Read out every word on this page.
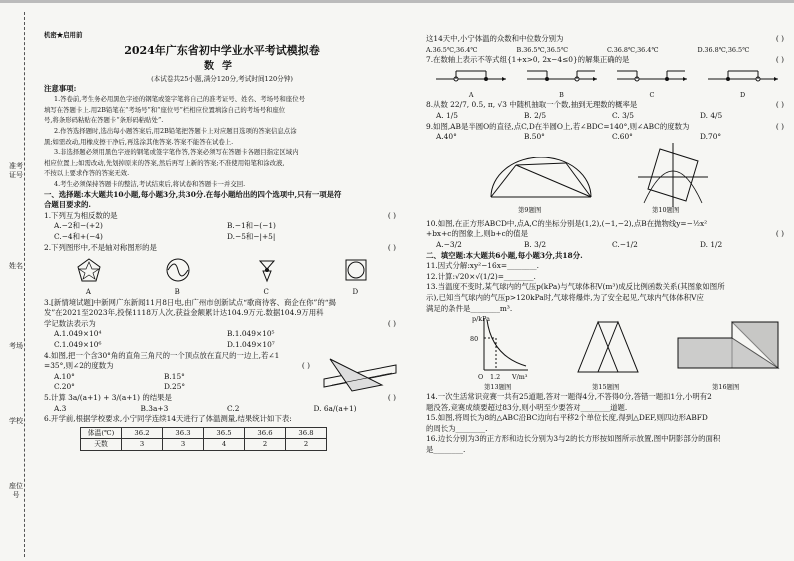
准考证号
姓名
考场
学校
座位号
机密★启用前
2024年广东省初中学业水平考试模拟卷
数学
(本试卷共25小题,满分120分,考试时间120分钟)
注意事项:
1.答卷前,考生务必用黑色字迹的钢笔或签字笔将自己的准考证号、姓名、考场号和座位号
填写在答题卡上.用2B铅笔在“考场号”和“座位号”栏相应位置填涂自己的考场号和座位
号,将条形码粘贴在答题卡“条形码粘贴处”.
2.作答选择题时,选出每小题答案后,用2B铅笔把答题卡上对应题目选项的答案信息点涂
黑;如需改动,用橡皮擦干净后,再选涂其他答案.答案不能答在试卷上.
3.非选择题必须用黑色字迹的钢笔或签字笔作答,答案必须写在答题卡各题目指定区域内
相应位置上;如需改动,先划掉原来的答案,然后再写上新的答案;不准使用铅笔和涂改液,
不按以上要求作答的答案无效.
4.考生必须保持答题卡的整洁,考试结束后,将试卷和答题卡一并交回.
一、选择题:本大题共10小题,每小题3分,共30分.在每小题给出的四个选项中,只有一项是符
合题目要求的.
1.下列互为相反数的是	( )
A.−2和−(+2)	B.−1和−(−1)
C.−4和+(−4)	D.−5和−|+5|
2.下列图形中,不是轴对称图形的是	( )
A	B	C	D
3.[新情境试题]中新网广东新闻11月8日电,由广州市创新试点“歌商待客、商企在你”的“揭
发”在2021至2023年,投保1118万人次,获益金额累计达104.9万元.数据104.9万用科
学记数法表示为	( )
A.1.049×10⁴	B.1.049×10⁵
C.1.049×10⁶	D.1.049×10⁷
4.如图,把一个含30°角的直角三角尺的一个顶点放在直尺的一边上,若∠1
=35°,则∠2的度数为	( )
A.10°	B.15°
C.20°	D.25°
5.计算 3a/(a+1) + 3/(a+1) 的结果是	( )
A.3	B.3a+3	C.2	D. 6a/(a+1)
6.开学前,根据学校要求,小宁同学连续14天进行了体温测量,结果统计如下表:
体温(℃)	36.2	36.3	36.5	36.6	36.8
天数	3	3	4	2	2
这14天中,小宁体温的众数和中位数分别为	( )
A.36.5℃,36.4℃	B.36.5℃,36.5℃	C.36.8℃,36.4℃	D.36.8℃,36.5℃
7.在数轴上表示不等式组{1+x>0, 2x−4≤0}的解集正确的是	( )
A	B	C	D
8.从数 22/7, 0.5, π, √3 中随机抽取一个数,抽到无理数的概率是	( )
A. 1/5	B. 2/5	C. 3/5	D. 4/5
9.如图,AB是半圆O的直径,点C,D在半圆O上,若∠BDC=140°,则∠ABC的度数为	( )
A.40°	B.50°	C.60°	D.70°
第9题图	第10题图
10.如图,在正方形ABCD中,点A,C的坐标分别是(1,2),(−1,−2),点B在抛物线y=−½x²
+bx+c的图象上,则b+c的值是	( )
A.−3/2	B. 3/2	C.−1/2	D. 1/2
二、填空题:本大题共6小题,每小题3分,共18分.
11.因式分解:xy²−16x=________.
12.计算:√20×√(1/2)=________.
13.当温度不变时,某气球内的气压p(kPa)与气球体积V(m³)成反比例函数关系(其图象如图所
示),已知当气球内的气压p>120kPa时,气球将爆炸,为了安全起见,气球内气体体积V应
满足的条件是________m³.
p/kPa
80
O 1.2 V/m³
第13题图	第15题图	第16题图
14.一次生活常识竞赛一共有25道题,答对一题得4分,不答得0分,答错一题扣1分,小明有2
题没答,竞赛成绩要超过83分,则小明至少要答对________道题.
15.如图,将周长为8的△ABC沿BC边向右平移2个单位长度,得到△DEF,则四边形ABFD
的周长为________.
16.边长分别为3的正方形和边长分别为3与2的长方形按如图所示放置,图中阴影部分的面积
是________.
